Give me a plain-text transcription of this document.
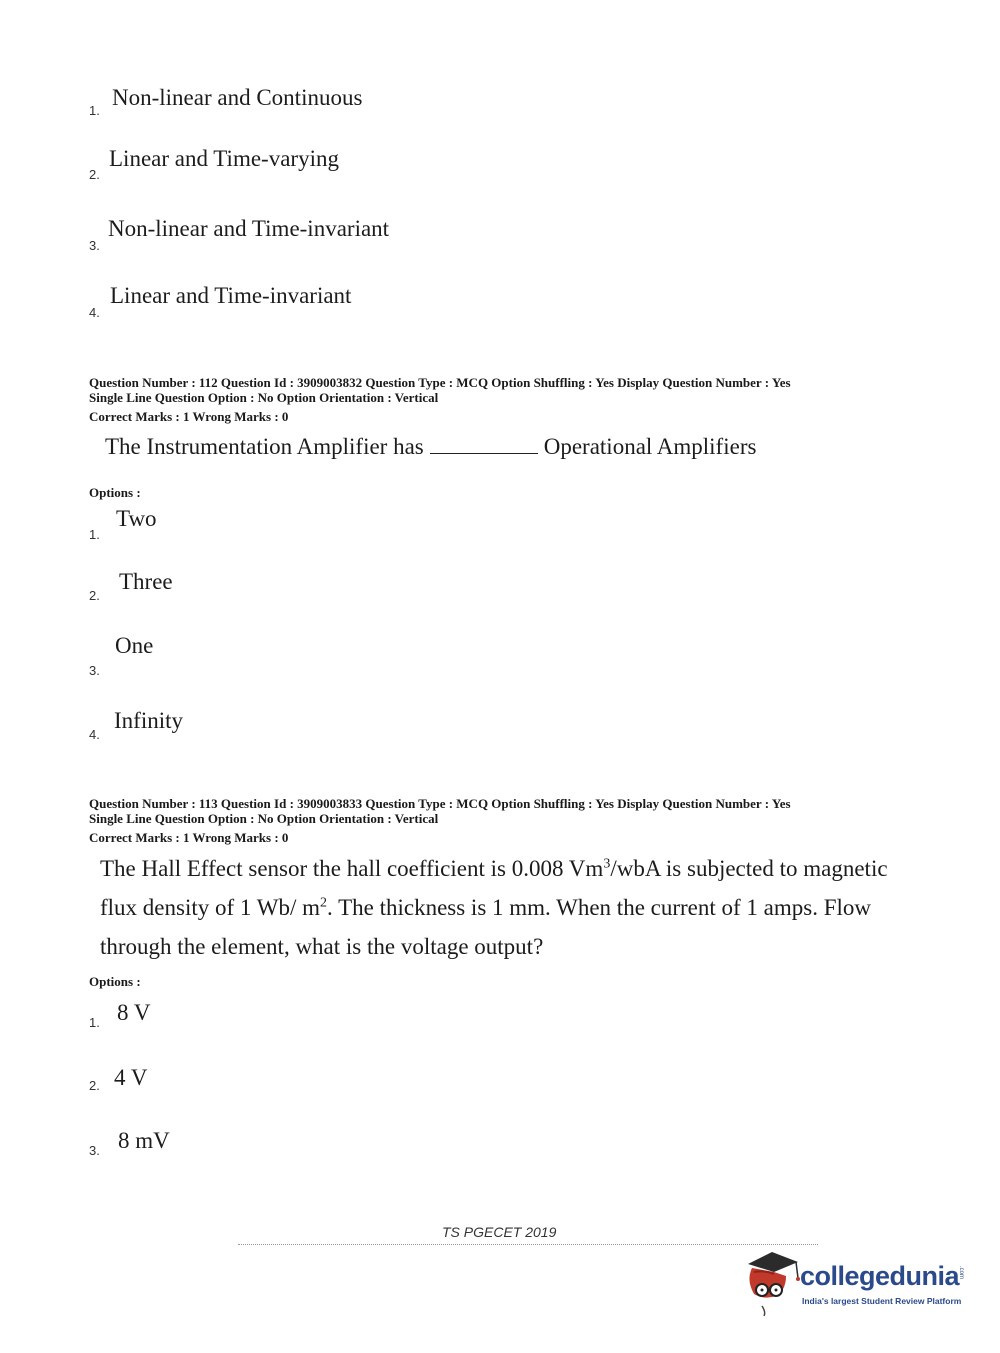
1.
Non-linear and Continuous
2.
Linear and Time-varying
3.
Non-linear and Time-invariant
4.
Linear and Time-invariant
Question Number : 112 Question Id : 3909003832 Question Type : MCQ Option Shuffling : Yes Display Question Number : Yes
Single Line Question Option : No Option Orientation : Vertical
Correct Marks : 1 Wrong Marks : 0
The Instrumentation Amplifier has	Operational Amplifiers
Options :
1.
Two
2.
Three
3.
One
4.
Infinity
Question Number : 113 Question Id : 3909003833 Question Type : MCQ Option Shuffling : Yes Display Question Number : Yes
Single Line Question Option : No Option Orientation : Vertical
Correct Marks : 1 Wrong Marks : 0
The Hall Effect sensor the hall coefficient is 0.008 Vm$^3$/wbA is subjected to magnetic
flux density of 1 Wb/ $m^2$. The thickness is 1 mm. When the current of 1 amps. Flow
through the element, what is the voltage output?
Options :
1. 8 V
2. 4 V
3. 8 mV
TS PGECET 2019
collegedunia
.com
India's largest Student Review Platform
